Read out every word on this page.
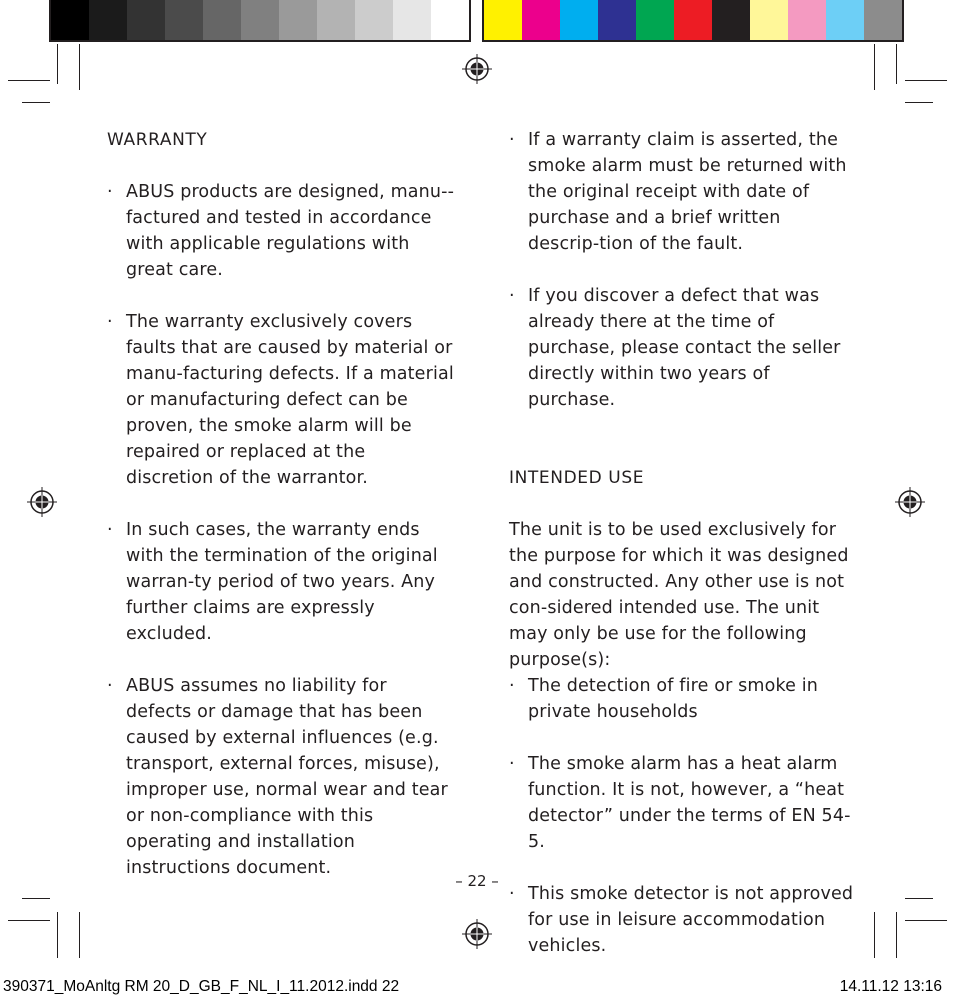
WARRANTY
· ABUS products are designed, manu-factured and tested in accordance with applicable regulations with great care.
· The warranty exclusively covers faults that are caused by material or manu-facturing defects. If a material or manufacturing defect can be proven, the smoke alarm will be repaired or replaced at the discretion of the warrantor.
· In such cases, the warranty ends with the termination of the original warran-ty period of two years. Any further claims are expressly excluded.
· ABUS assumes no liability for defects or damage that has been caused by external influences (e.g. transport, external forces, misuse), improper use, normal wear and tear or non-compliance with this operating and installation instructions document.
· If a warranty claim is asserted, the smoke alarm must be returned with the original receipt with date of purchase and a brief written descrip-tion of the fault.
· If you discover a defect that was already there at the time of purchase, please contact the seller directly within two years of purchase.
INTENDED USE

The unit is to be used exclusively for the purpose for which it was designed and constructed. Any other use is not con-sidered intended use. The unit may only be use for the following purpose(s):

· The detection of fire or smoke in private households
· The smoke alarm has a heat alarm function. It is not, however, a “heat detector” under the terms of EN 54-5.
· This smoke detector is not approved for use in leisure accommodation vehicles.
– 22 –
390371_MoAnltg RM 20_D_GB_F_NL_I_11.2012.indd 22	14.11.12 13:16
